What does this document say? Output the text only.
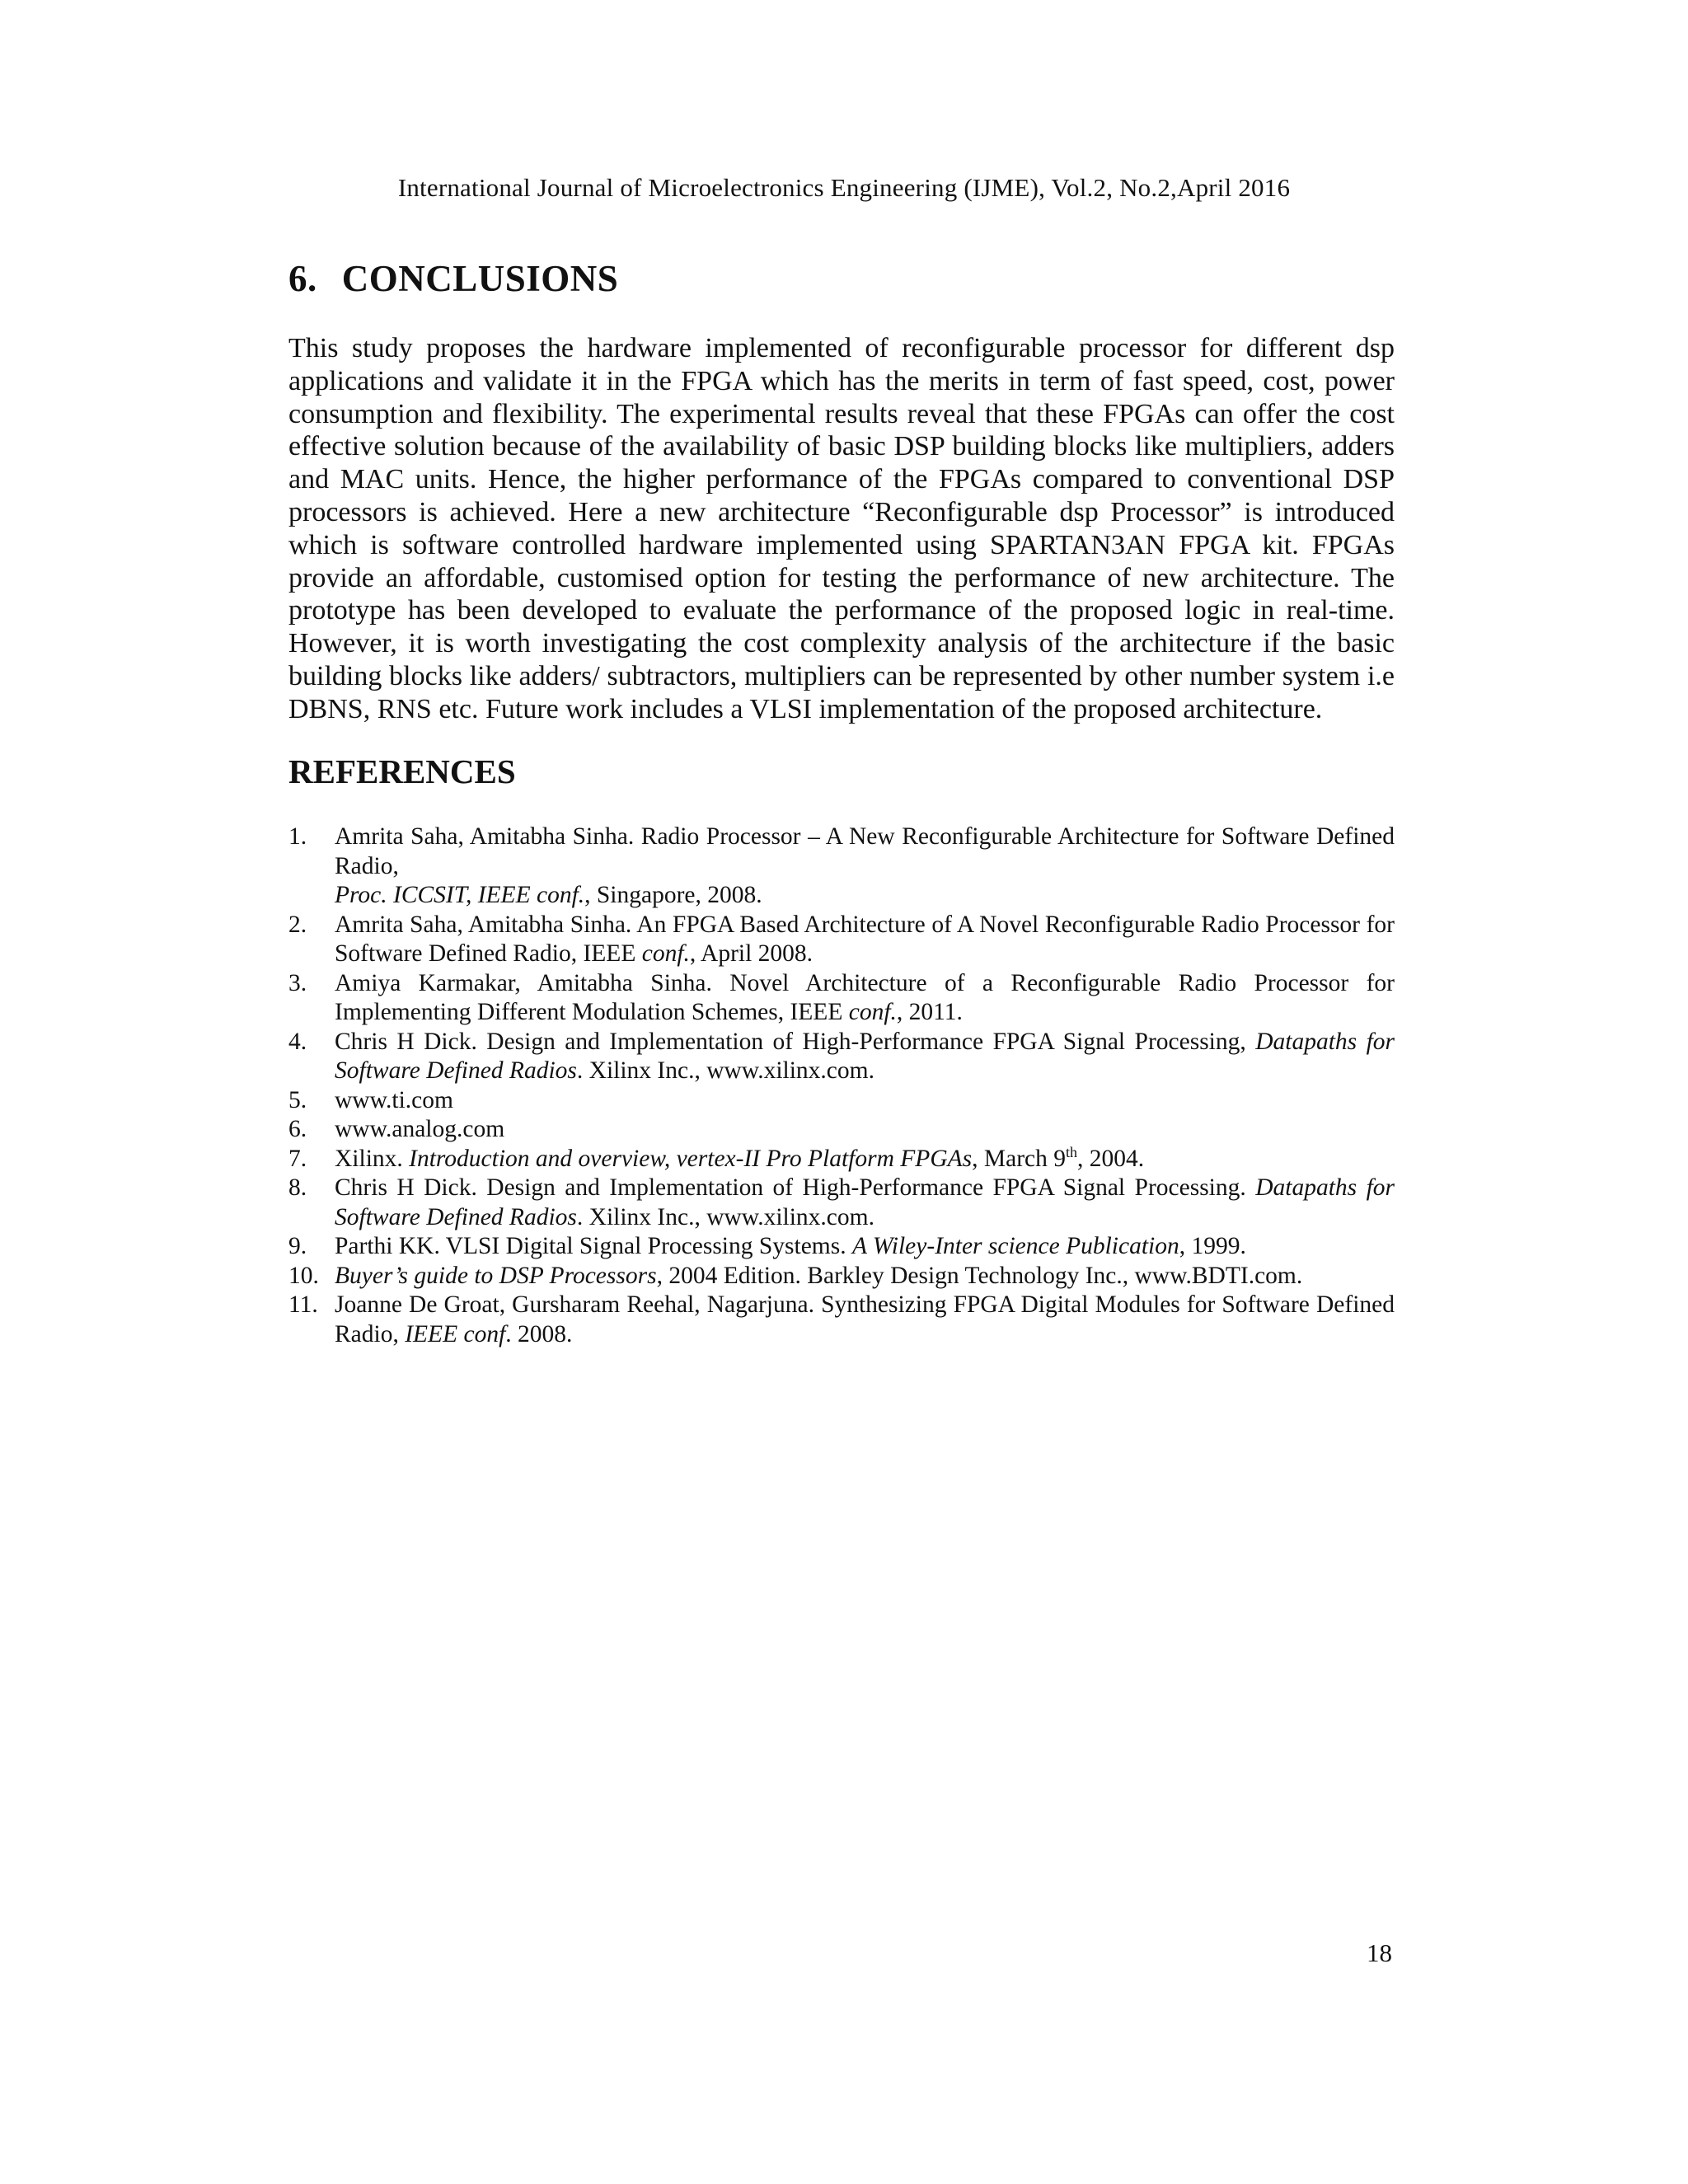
International Journal of Microelectronics Engineering (IJME), Vol.2, No.2,April 2016
6. CONCLUSIONS
This study proposes the hardware implemented of reconfigurable processor for different dsp applications and validate it in the FPGA which has the merits in term of fast speed, cost, power consumption and flexibility. The experimental results reveal that these FPGAs can offer the cost effective solution because of the availability of basic DSP building blocks like multipliers, adders and MAC units. Hence, the higher performance of the FPGAs compared to conventional DSP processors is achieved. Here a new architecture “Reconfigurable dsp Processor” is introduced which is software controlled hardware implemented using SPARTAN3AN FPGA kit. FPGAs provide an affordable, customised option for testing the performance of new architecture. The prototype has been developed to evaluate the performance of the proposed logic in real-time. However, it is worth investigating the cost complexity analysis of the architecture if the basic building blocks like adders/ subtractors, multipliers can be represented by other number system i.e DBNS, RNS etc. Future work includes a VLSI implementation of the proposed architecture.
REFERENCES
1. Amrita Saha, Amitabha Sinha. Radio Processor – A New Reconfigurable Architecture for Software Defined Radio,
Proc. ICCSIT, IEEE conf., Singapore, 2008.
2. Amrita Saha, Amitabha Sinha. An FPGA Based Architecture of A Novel Reconfigurable Radio Processor for Software Defined Radio, IEEE conf., April 2008.
3. Amiya Karmakar, Amitabha Sinha. Novel Architecture of a Reconfigurable Radio Processor for Implementing Different Modulation Schemes, IEEE conf., 2011.
4. Chris H Dick. Design and Implementation of High-Performance FPGA Signal Processing, Datapaths for Software Defined Radios. Xilinx Inc., www.xilinx.com.
5. www.ti.com
6. www.analog.com
7. Xilinx. Introduction and overview, vertex-II Pro Platform FPGAs, March 9th, 2004.
8. Chris H Dick. Design and Implementation of High-Performance FPGA Signal Processing. Datapaths for Software Defined Radios. Xilinx Inc., www.xilinx.com.
9. Parthi KK. VLSI Digital Signal Processing Systems. A Wiley-Inter science Publication, 1999.
10. Buyer’s guide to DSP Processors, 2004 Edition. Barkley Design Technology Inc., www.BDTI.com.
11. Joanne De Groat, Gursharam Reehal, Nagarjuna. Synthesizing FPGA Digital Modules for Software Defined Radio, IEEE conf. 2008.
18
